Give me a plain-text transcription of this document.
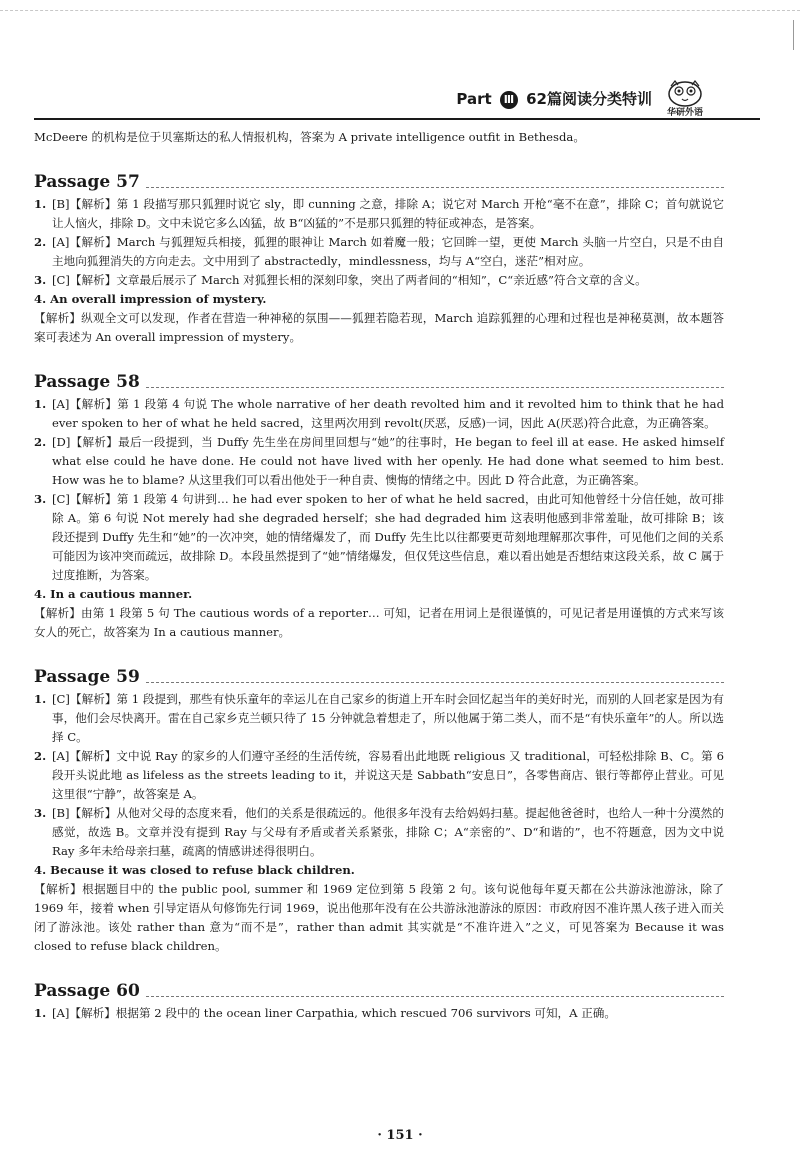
Part Ⅲ 62篇阅读分类特训
华研外语

McDeere 的机构是位于贝塞斯达的私人情报机构，答案为 A private intelligence outfit in Bethesda。

Passage 57
1. [B]【解析】第 1 段描写那只狐狸时说它 sly，即 cunning 之意，排除 A；说它对 March 开枪“毫不在意”，排除 C；首句就说它让人恼火，排除 D。文中未说它多么凶猛，故 B“凶猛的”不是那只狐狸的特征或神态，是答案。
2. [A]【解析】March 与狐狸短兵相接，狐狸的眼神让 March 如着魔一般；它回眸一望，更使 March 头脑一片空白，只是不由自主地向狐狸消失的方向走去。文中用到了 abstractedly，mindlessness，均与 A“空白，迷茫”相对应。
3. [C]【解析】文章最后展示了 March 对狐狸长相的深刻印象，突出了两者间的“相知”，C“亲近感”符合文章的含义。

4. An overall impression of mystery.

【解析】纵观全文可以发现，作者在营造一种神秘的氛围——狐狸若隐若现，March 追踪狐狸的心理和过程也是神秘莫测，故本题答案可表述为 An overall impression of mystery。

Passage 58
1. [A]【解析】第 1 段第 4 句说 The whole narrative of her death revolted him and it revolted him to think that he had ever spoken to her of what he held sacred，这里两次用到 revolt(厌恶，反感)一词，因此 A(厌恶)符合此意，为正确答案。
2. [D]【解析】最后一段提到，当 Duffy 先生坐在房间里回想与“她”的往事时，He began to feel ill at ease. He asked himself what else could he have done. He could not have lived with her openly. He had done what seemed to him best. How was he to blame? 从这里我们可以看出他处于一种自责、懊悔的情绪之中。因此 D 符合此意，为正确答案。
3. [C]【解析】第 1 段第 4 句讲到… he had ever spoken to her of what he held sacred，由此可知他曾经十分信任她，故可排除 A。第 6 句说 Not merely had she degraded herself；she had degraded him 这表明他感到非常羞耻，故可排除 B；该段还提到 Duffy 先生和“她”的一次冲突，她的情绪爆发了，而 Duffy 先生比以往都要更苛刻地理解那次事件，可见他们之间的关系可能因为该冲突而疏远，故排除 D。本段虽然提到了“她”情绪爆发，但仅凭这些信息，难以看出她是否想结束这段关系，故 C 属于过度推断，为答案。

4. In a cautious manner.

【解析】由第 1 段第 5 句 The cautious words of a reporter… 可知，记者在用词上是很谨慎的，可见记者是用谨慎的方式来写该女人的死亡，故答案为 In a cautious manner。

Passage 59
1. [C]【解析】第 1 段提到，那些有快乐童年的幸运儿在自己家乡的街道上开车时会回忆起当年的美好时光，而别的人回老家是因为有事，他们会尽快离开。雷在自己家乡克兰顿只待了 15 分钟就急着想走了，所以他属于第二类人，而不是“有快乐童年”的人。所以选择 C。
2. [A]【解析】文中说 Ray 的家乡的人们遵守圣经的生活传统，容易看出此地既 religious 又 traditional，可轻松排除 B、C。第 6 段开头说此地 as lifeless as the streets leading to it，并说这天是 Sabbath“安息日”，各零售商店、银行等都停止营业。可见这里很“宁静”，故答案是 A。
3. [B]【解析】从他对父母的态度来看，他们的关系是很疏远的。他很多年没有去给妈妈扫墓。提起他爸爸时，也给人一种十分漠然的感觉，故选 B。文章并没有提到 Ray 与父母有矛盾或者关系紧张，排除 C；A“亲密的”、D“和谐的”，也不符题意，因为文中说 Ray 多年未给母亲扫墓，疏离的情感讲述得很明白。

4. Because it was closed to refuse black children.

【解析】根据题目中的 the public pool, summer 和 1969 定位到第 5 段第 2 句。该句说他每年夏天都在公共游泳池游泳，除了 1969 年，接着 when 引导定语从句修饰先行词 1969，说出他那年没有在公共游泳池游泳的原因：市政府因不准许黑人孩子进入而关闭了游泳池。该处 rather than 意为“而不是”，rather than admit 其实就是“不准许进入”之义，可见答案为 Because it was closed to refuse black children。

Passage 60
1. [A]【解析】根据第 2 段中的 the ocean liner Carpathia, which rescued 706 survivors 可知，A 正确。
· 151 ·
